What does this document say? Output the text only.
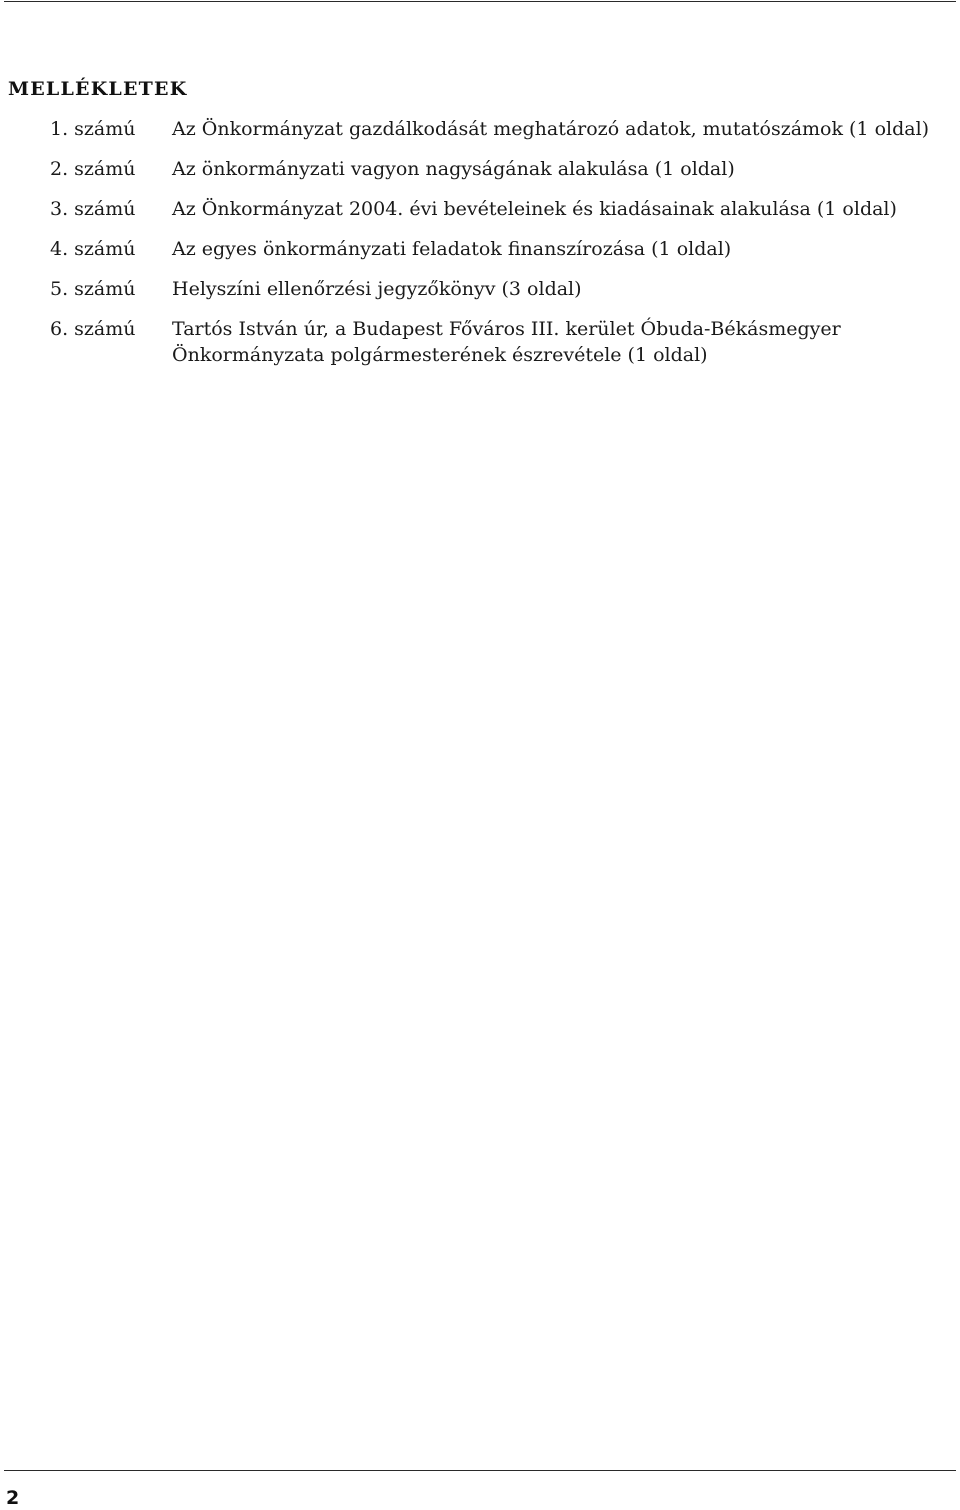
MELLÉKLETEK
1. számú Az Önkormányzat gazdálkodását meghatározó adatok, mutatószámok (1 oldal)
2. számú Az önkormányzati vagyon nagyságának alakulása (1 oldal)
3. számú Az Önkormányzat 2004. évi bevételeinek és kiadásainak alakulása (1 oldal)
4. számú Az egyes önkormányzati feladatok finanszírozása (1 oldal)
5. számú Helyszíni ellenőrzési jegyzőkönyv (3 oldal)
6. számú Tartós István úr, a Budapest Főváros III. kerület Óbuda-Békásmegyer Önkormányzata polgármesterének észrevétele (1 oldal)
2
